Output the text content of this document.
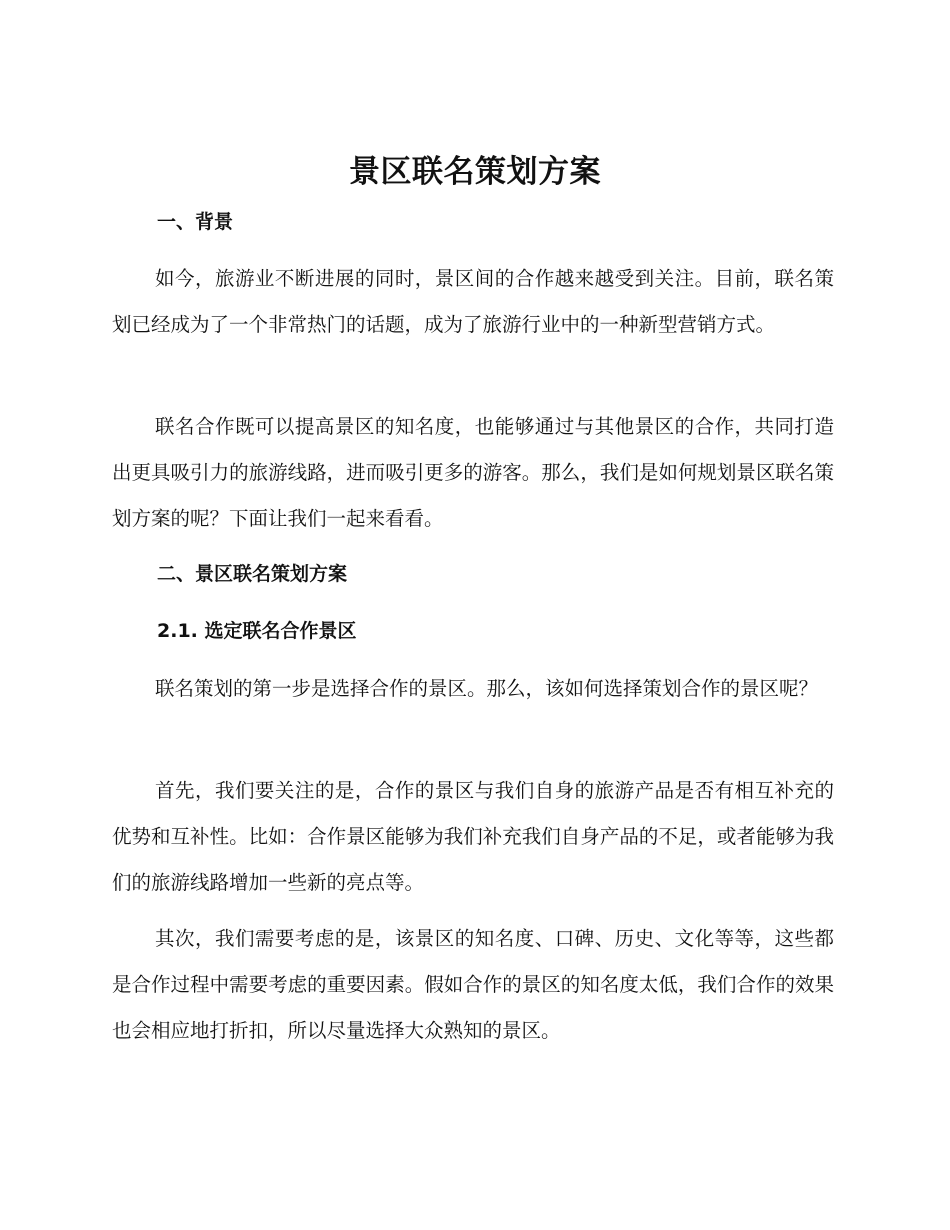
景区联名策划方案
一、背景

如今，旅游业不断进展的同时，景区间的合作越来越受到关注。目前，联名策划已经成为了一个非常热门的话题，成为了旅游行业中的一种新型营销方式。

联名合作既可以提高景区的知名度，也能够通过与其他景区的合作，共同打造出更具吸引力的旅游线路，进而吸引更多的游客。那么，我们是如何规划景区联名策划方案的呢？下面让我们一起来看看。

二、景区联名策划方案
2.1. 选定联名合作景区

联名策划的第一步是选择合作的景区。那么，该如何选择策划合作的景区呢？

首先，我们要关注的是，合作的景区与我们自身的旅游产品是否有相互补充的优势和互补性。比如：合作景区能够为我们补充我们自身产品的不足，或者能够为我们的旅游线路增加一些新的亮点等。

其次，我们需要考虑的是，该景区的知名度、口碑、历史、文化等等，这些都是合作过程中需要考虑的重要因素。假如合作的景区的知名度太低，我们合作的效果也会相应地打折扣，所以尽量选择大众熟知的景区。
